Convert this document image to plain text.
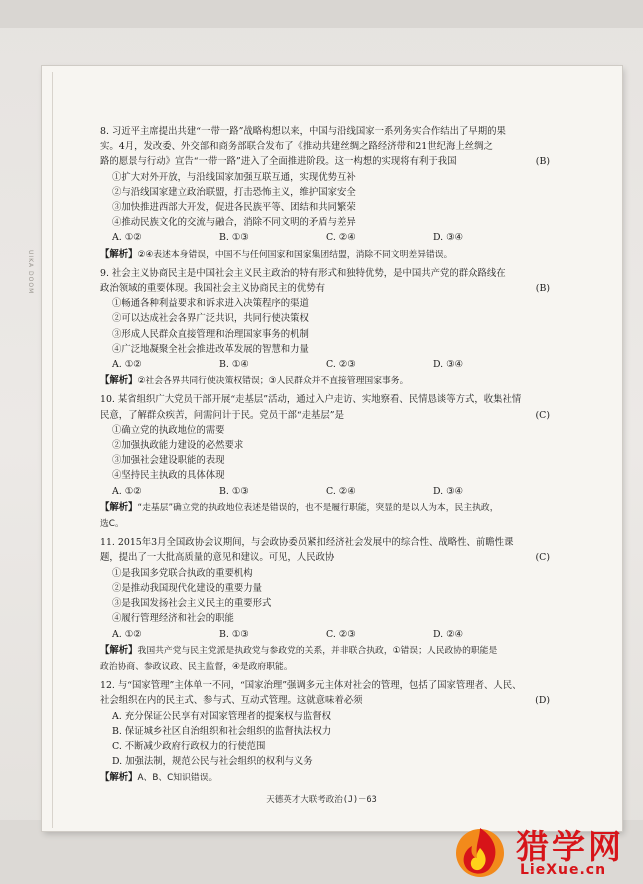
UIKA DOOM
8. 习近平主席提出共建“一带一路”战略构想以来，中国与沿线国家一系列务实合作结出了早期的果
实。4月，发改委、外交部和商务部联合发布了《推动共建丝绸之路经济带和21世纪海上丝绸之
(B)
路的愿景与行动》宣告“一带一路”进入了全面推进阶段。这一构想的实现将有利于我国
①扩大对外开放，与沿线国家加强互联互通，实现优势互补
②与沿线国家建立政治联盟，打击恐怖主义，维护国家安全
③加快推进西部大开发，促进各民族平等、团结和共同繁荣
④推动民族文化的交流与融合，消除不同文明的矛盾与差异
A. ①②	B. ①③	C. ②④	D. ③④
【解析】②④表述本身错误，中国不与任何国家和国家集团结盟，消除不同文明差异错误。
9. 社会主义协商民主是中国社会主义民主政治的特有形式和独特优势，是中国共产党的群众路线在
(B)
政治领域的重要体现。我国社会主义协商民主的优势有
①畅通各种利益要求和诉求进入决策程序的渠道
②可以达成社会各界广泛共识，共同行使决策权
③形成人民群众直接管理和治理国家事务的机制
④广泛地凝聚全社会推进改革发展的智慧和力量
A. ①②	B. ①④	C. ②③	D. ③④
【解析】②社会各界共同行使决策权错误；③人民群众并不直接管理国家事务。
10. 某省组织广大党员干部开展“走基层”活动，通过入户走访、实地察看、民情恳谈等方式，收集社情
(C)
民意，了解群众疾苦，问需问计于民。党员干部“走基层”是
①确立党的执政地位的需要
②加强执政能力建设的必然要求
③加强社会建设职能的表现
④坚持民主执政的具体体现
A. ①②	B. ①③	C. ②④	D. ③④
【解析】“走基层”确立党的执政地位表述是错误的，也不是履行职能，突显的是以人为本，民主执政，
选C。
11. 2015年3月全国政协会议期间，与会政协委员紧扣经济社会发展中的综合性、战略性、前瞻性课
(C)
题，提出了一大批高质量的意见和建议。可见，人民政协
①是我国多党联合执政的重要机构
②是推动我国现代化建设的重要力量
③是我国发扬社会主义民主的重要形式
④履行管理经济和社会的职能
A. ①②	B. ①③	C. ②③	D. ②④
【解析】我国共产党与民主党派是执政党与参政党的关系，并非联合执政，①错误；人民政协的职能是
政治协商、参政议政、民主监督，④是政府职能。
12. 与“国家管理”主体单一不同，“国家治理”强调多元主体对社会的管理，包括了国家管理者、人民、
(D)
社会组织在内的民主式、参与式、互动式管理。这就意味着必须
A. 充分保证公民享有对国家管理者的提案权与监督权
B. 保证城乡社区自治组织和社会组织的监督执法权力
C. 不断减少政府行政权力的行使范围
D. 加强法制，规范公民与社会组织的权利与义务
【解析】A、B、C知识错误。
天德英才大联考政治(J)－63
猎学网
LieXue.cn
